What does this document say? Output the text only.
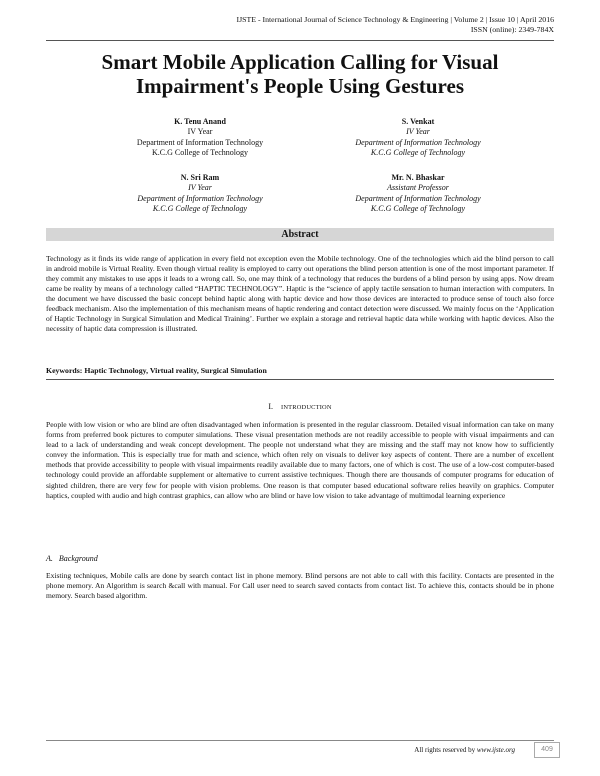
IJSTE - International Journal of Science Technology & Engineering | Volume 2 | Issue 10 | April 2016
ISSN (online): 2349-784X
Smart Mobile Application Calling for Visual Impairment's People Using Gestures
K. Tenu Anand
IV Year
Department of Information Technology
K.C.G College of Technology
S. Venkat
IV Year
Department of Information Technology
K.C.G College of Technology
N. Sri Ram
IV Year
Department of Information Technology
K.C.G College of Technology
Mr. N. Bhaskar
Assistant Professor
Department of Information Technology
K.C.G College of Technology
Abstract

Technology as it finds its wide range of application in every field not exception even the Mobile technology. One of the technologies which aid the blind person to call in android mobile is Virtual Reality. Even though virtual reality is employed to carry out operations the blind person attention is one of the most important parameter. If they commit any mistakes to use apps it leads to a wrong call. So, one may think of a technology that reduces the burdens of a blind person by using apps. Now dream came be reality by means of a technology called “HAPTIC TECHNOLOGY”. Haptic is the “science of apply tactile sensation to human interaction with computers. In the document we have discussed the basic concept behind haptic along with haptic device and how those devices are interacted to produce sense of touch also force feedback mechanism. Also the implementation of this mechanism means of haptic rendering and contact detection were discussed. We mainly focus on the ‘Application of Haptic Technology in Surgical Simulation and Medical Training’. Further we explain a storage and retrieval haptic data while working with haptic devices. Also the necessity of haptic data compression is illustrated.

Keywords: Haptic Technology, Virtual reality, Surgical Simulation

I. INTRODUCTION

People with low vision or who are blind are often disadvantaged when information is presented in the regular classroom. Detailed visual information can take on many forms from preferred book pictures to computer simulations. These visual presentation methods are not readily accessible to people with visual impairments and can lead to a lack of understanding and weak concept development. The people not understand what they are missing and the staff may not know how to sufficiently convey the information. This is especially true for math and science, which often rely on visuals to deliver key aspects of content. There are a number of excellent methods that provide accessibility to people with visual impairments readily available due to many factors, one of which is cost. The use of a low-cost computer-based technology could provide an affordable supplement or alternative to current assistive techniques. Though there are thousands of computer programs for education of sighted children, there are very few for people with vision problems. One reason is that computer based educational software relies heavily on graphics. Computer haptics, coupled with audio and high contrast graphics, can allow who are blind or have low vision to take advantage of multimodal learning experience

A. Background

Existing techniques, Mobile calls are done by search contact list in phone memory. Blind persons are not able to call with this facility. Contacts are presented in the phone memory. An Algorithm is search &call with manual. For Call user need to search saved contacts from contact list. To achieve this, contacts should be in phone memory. Search based algorithm.

All rights reserved by www.ijste.org	409
